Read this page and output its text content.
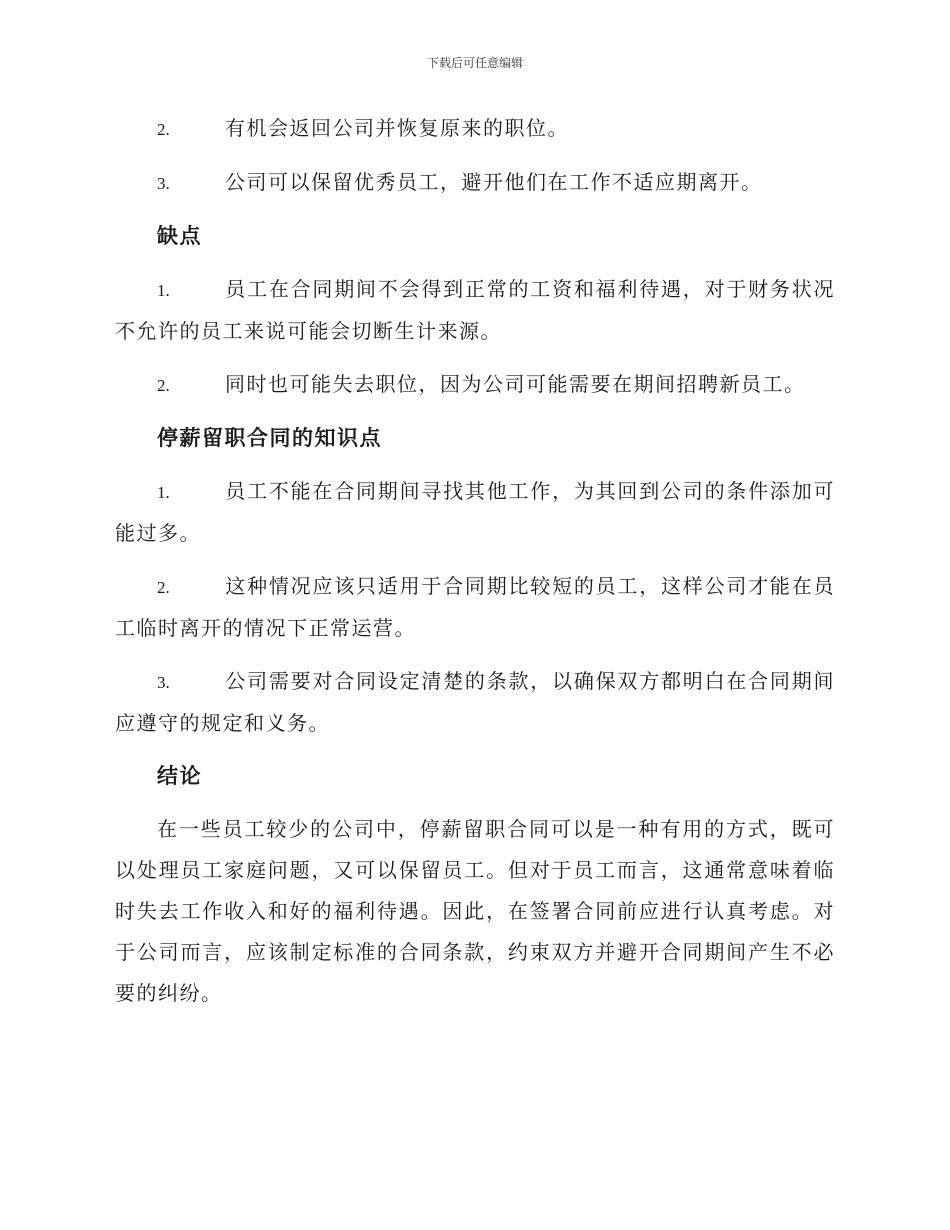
下载后可任意编辑

2.	有机会返回公司并恢复原来的职位。

3.	公司可以保留优秀员工，避开他们在工作不适应期离开。

缺点

1.	员工在合同期间不会得到正常的工资和福利待遇，对于财务状况不允许的员工来说可能会切断生计来源。

2.	同时也可能失去职位，因为公司可能需要在期间招聘新员工。

停薪留职合同的知识点

1.	员工不能在合同期间寻找其他工作，为其回到公司的条件添加可能过多。

2.	这种情况应该只适用于合同期比较短的员工，这样公司才能在员工临时离开的情况下正常运营。

3.	公司需要对合同设定清楚的条款，以确保双方都明白在合同期间应遵守的规定和义务。

结论

在一些员工较少的公司中，停薪留职合同可以是一种有用的方式，既可以处理员工家庭问题，又可以保留员工。但对于员工而言，这通常意味着临时失去工作收入和好的福利待遇。因此，在签署合同前应进行认真考虑。对于公司而言，应该制定标准的合同条款，约束双方并避开合同期间产生不必要的纠纷。
